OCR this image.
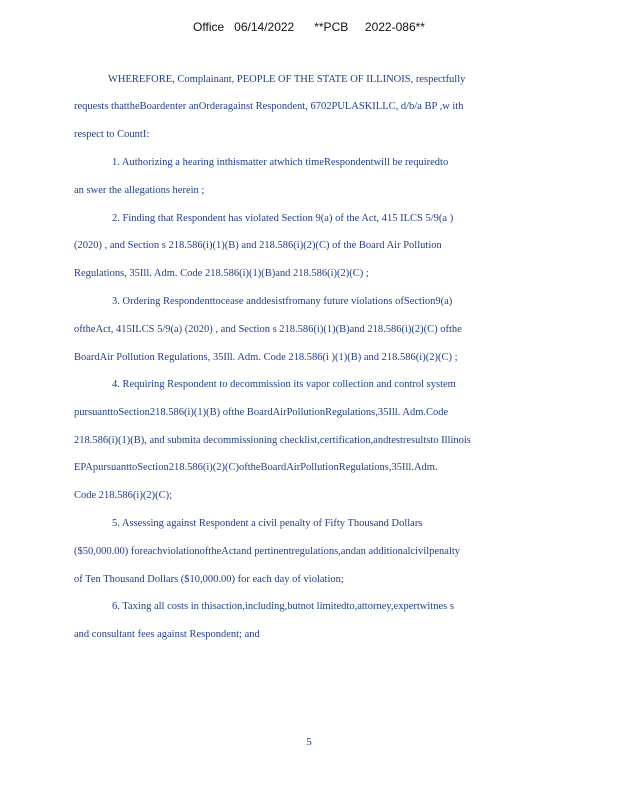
Office   06/14/2022      **PCB     2022-086**
WHEREFORE, Complainant, PEOPLE OF THE STATE OF ILLINOIS, respectfully
requests thattheBoardenter anOrderagainst Respondent, 6702PULASKILLC, d/b/a BP ,w ith
respect to CountI:
1. Authorizing a hearing inthismatter atwhich timeRespondentwill be requiredto
an swer the allegations herein ;
2. Finding that Respondent has violated Section 9(a) of the Act, 415 ILCS 5/9(a )
(2020) , and Section s 218.586(i)(1)(B) and 218.586(i)(2)(C) of the Board Air Pollution
Regulations, 35Ill. Adm. Code 218.586(i)(1)(B)and 218.586(i)(2)(C) ;
3. Ordering Respondenttocease anddesistfromany future violations ofSection9(a)
oftheAct, 415ILCS 5/9(a) (2020) , and Section s 218.586(i)(1)(B)and 218.586(i)(2)(C) ofthe
BoardAir Pollution Regulations, 35Ill. Adm. Code 218.586(i )(1)(B) and 218.586(i)(2)(C) ;
4. Requiring Respondent to decommission its vapor collection and control system
pursuanttoSection218.586(i)(1)(B) ofthe BoardAirPollutionRegulations,35Ill. Adm.Code
218.586(i)(1)(B), and submita decommissioning checklist,certification,andtestresultsto Illinois
EPApursuanttoSection218.586(i)(2)(C)oftheBoardAirPollutionRegulations,35Ill.Adm.
Code 218.586(i)(2)(C);
5. Assessing against Respondent a civil penalty of Fifty Thousand Dollars
($50,000.00) foreachviolationoftheActand pertinentregulations,andan additionalcivilpenalty
of Ten Thousand Dollars ($10,000.00) for each day of violation;
6. Taxing all costs in thisaction,including,butnot limitedto,attorney,expertwitnes s
and consultant fees against Respondent; and
5
